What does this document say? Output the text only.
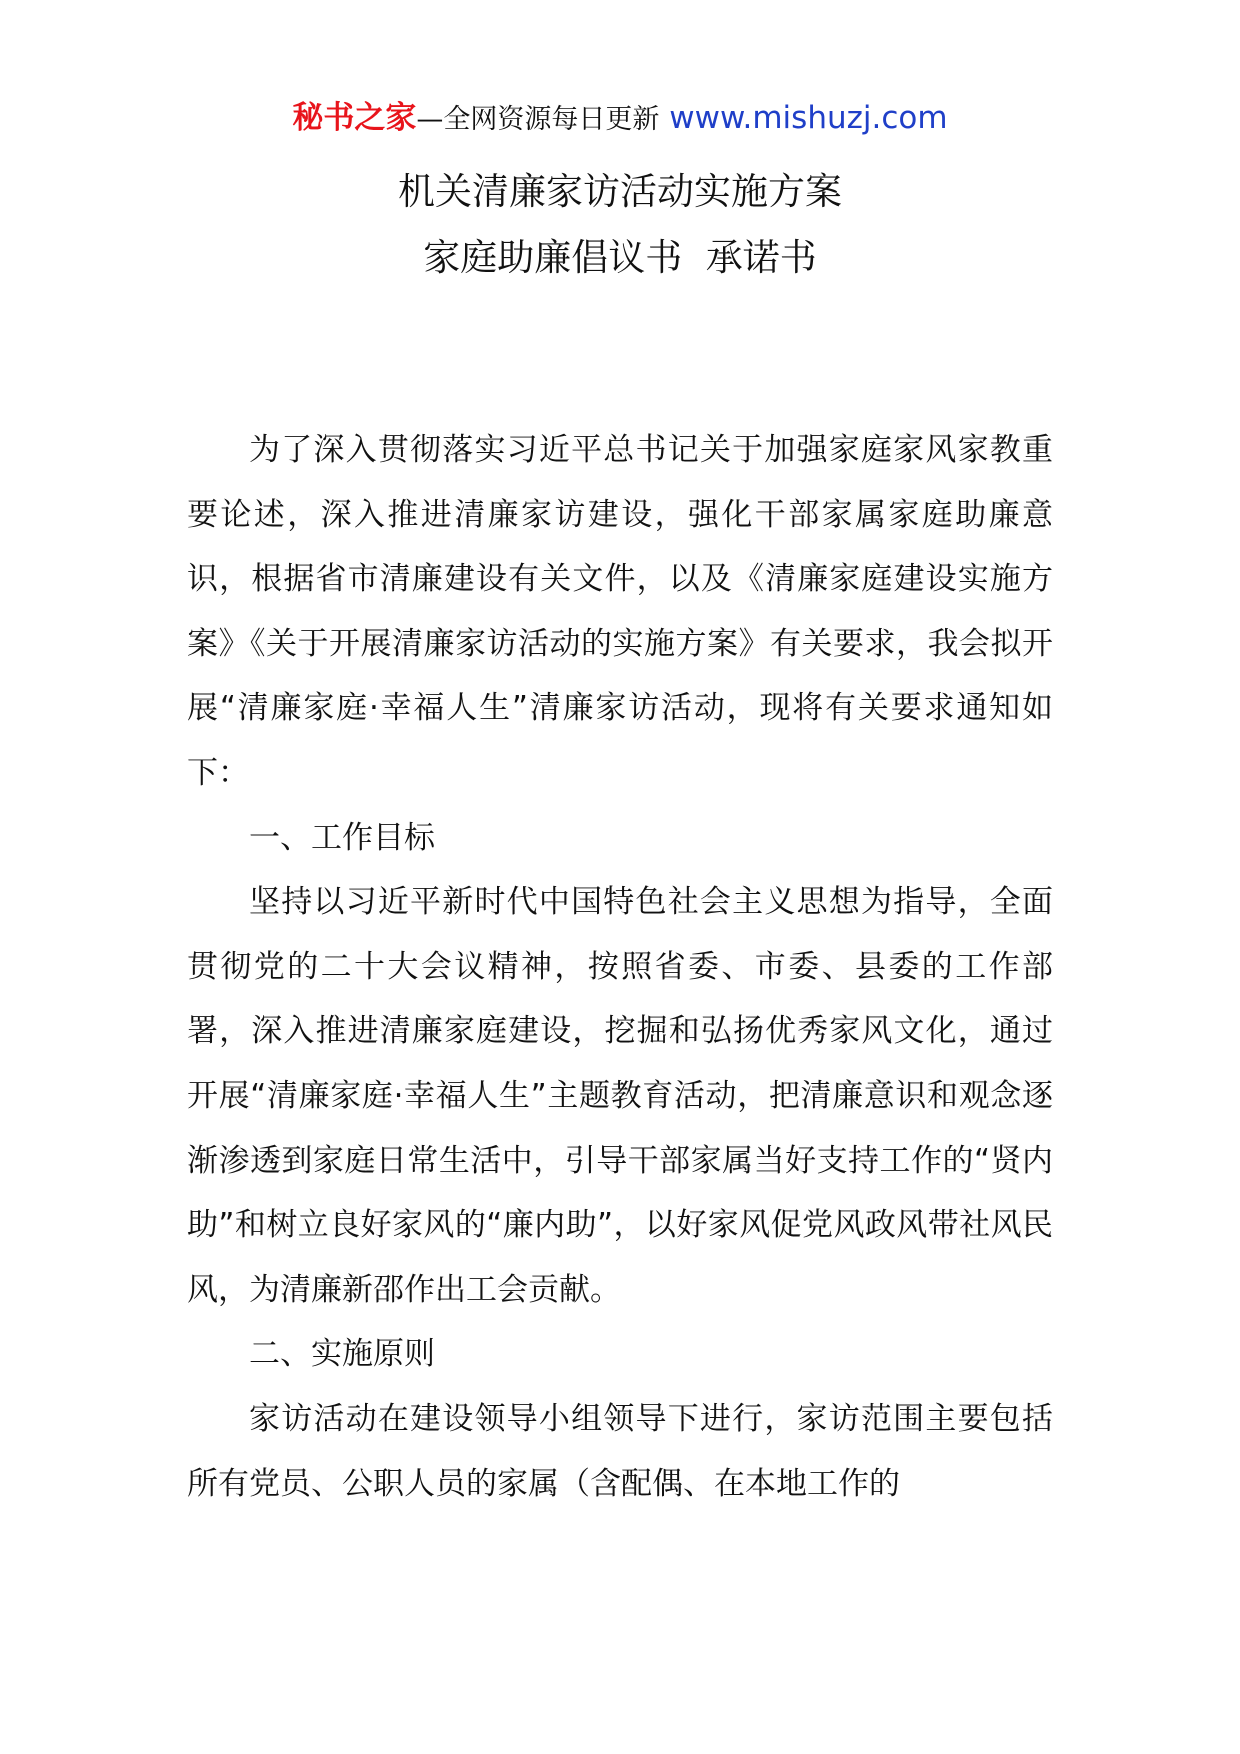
秘书之家—全网资源每日更新 www.mishuzj.com
机关清廉家访活动实施方案
家庭助廉倡议书  承诺书

为了深入贯彻落实习近平总书记关于加强家庭家风家教重要论述，深入推进清廉家访建设，强化干部家属家庭助廉意识，根据省市清廉建设有关文件，以及《清廉家庭建设实施方案》《关于开展清廉家访活动的实施方案》有关要求，我会拟开展“清廉家庭·幸福人生”清廉家访活动，现将有关要求通知如下：

一、工作目标

坚持以习近平新时代中国特色社会主义思想为指导，全面贯彻党的二十大会议精神，按照省委、市委、县委的工作部署，深入推进清廉家庭建设，挖掘和弘扬优秀家风文化，通过开展“清廉家庭·幸福人生”主题教育活动，把清廉意识和观念逐渐渗透到家庭日常生活中，引导干部家属当好支持工作的“贤内助”和树立良好家风的“廉内助”，以好家风促党风政风带社风民风，为清廉新邵作出工会贡献。

二、实施原则

家访活动在建设领导小组领导下进行，家访范围主要包括所有党员、公职人员的家属（含配偶、在本地工作的
